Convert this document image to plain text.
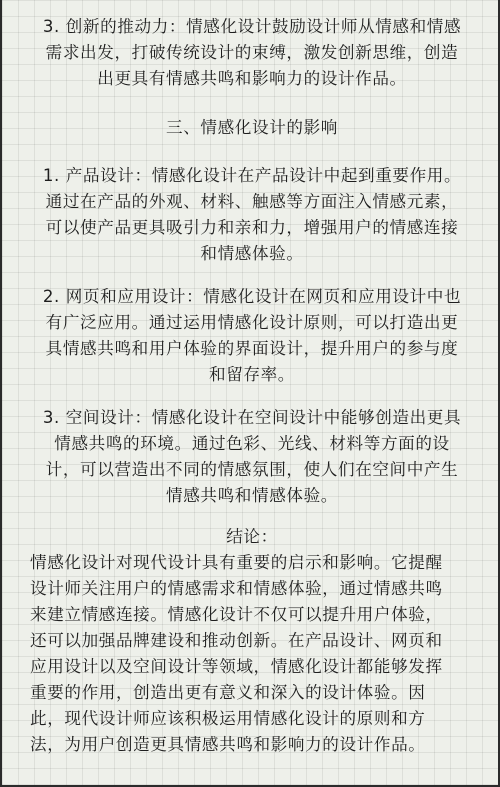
3. 创新的推动力：情感化设计鼓励设计师从情感和情感
需求出发，打破传统设计的束缚，激发创新思维，创造
出更具有情感共鸣和影响力的设计作品。
三、情感化设计的影响
1. 产品设计：情感化设计在产品设计中起到重要作用。
通过在产品的外观、材料、触感等方面注入情感元素，
可以使产品更具吸引力和亲和力，增强用户的情感连接
和情感体验。
2. 网页和应用设计：情感化设计在网页和应用设计中也
有广泛应用。通过运用情感化设计原则，可以打造出更
具情感共鸣和用户体验的界面设计，提升用户的参与度
和留存率。
3. 空间设计：情感化设计在空间设计中能够创造出更具
情感共鸣的环境。通过色彩、光线、材料等方面的设
计，可以营造出不同的情感氛围，使人们在空间中产生
情感共鸣和情感体验。
结论：
情感化设计对现代设计具有重要的启示和影响。它提醒
设计师关注用户的情感需求和情感体验，通过情感共鸣
来建立情感连接。情感化设计不仅可以提升用户体验，
还可以加强品牌建设和推动创新。在产品设计、网页和
应用设计以及空间设计等领域，情感化设计都能够发挥
重要的作用，创造出更有意义和深入的设计体验。因
此，现代设计师应该积极运用情感化设计的原则和方
法，为用户创造更具情感共鸣和影响力的设计作品。
